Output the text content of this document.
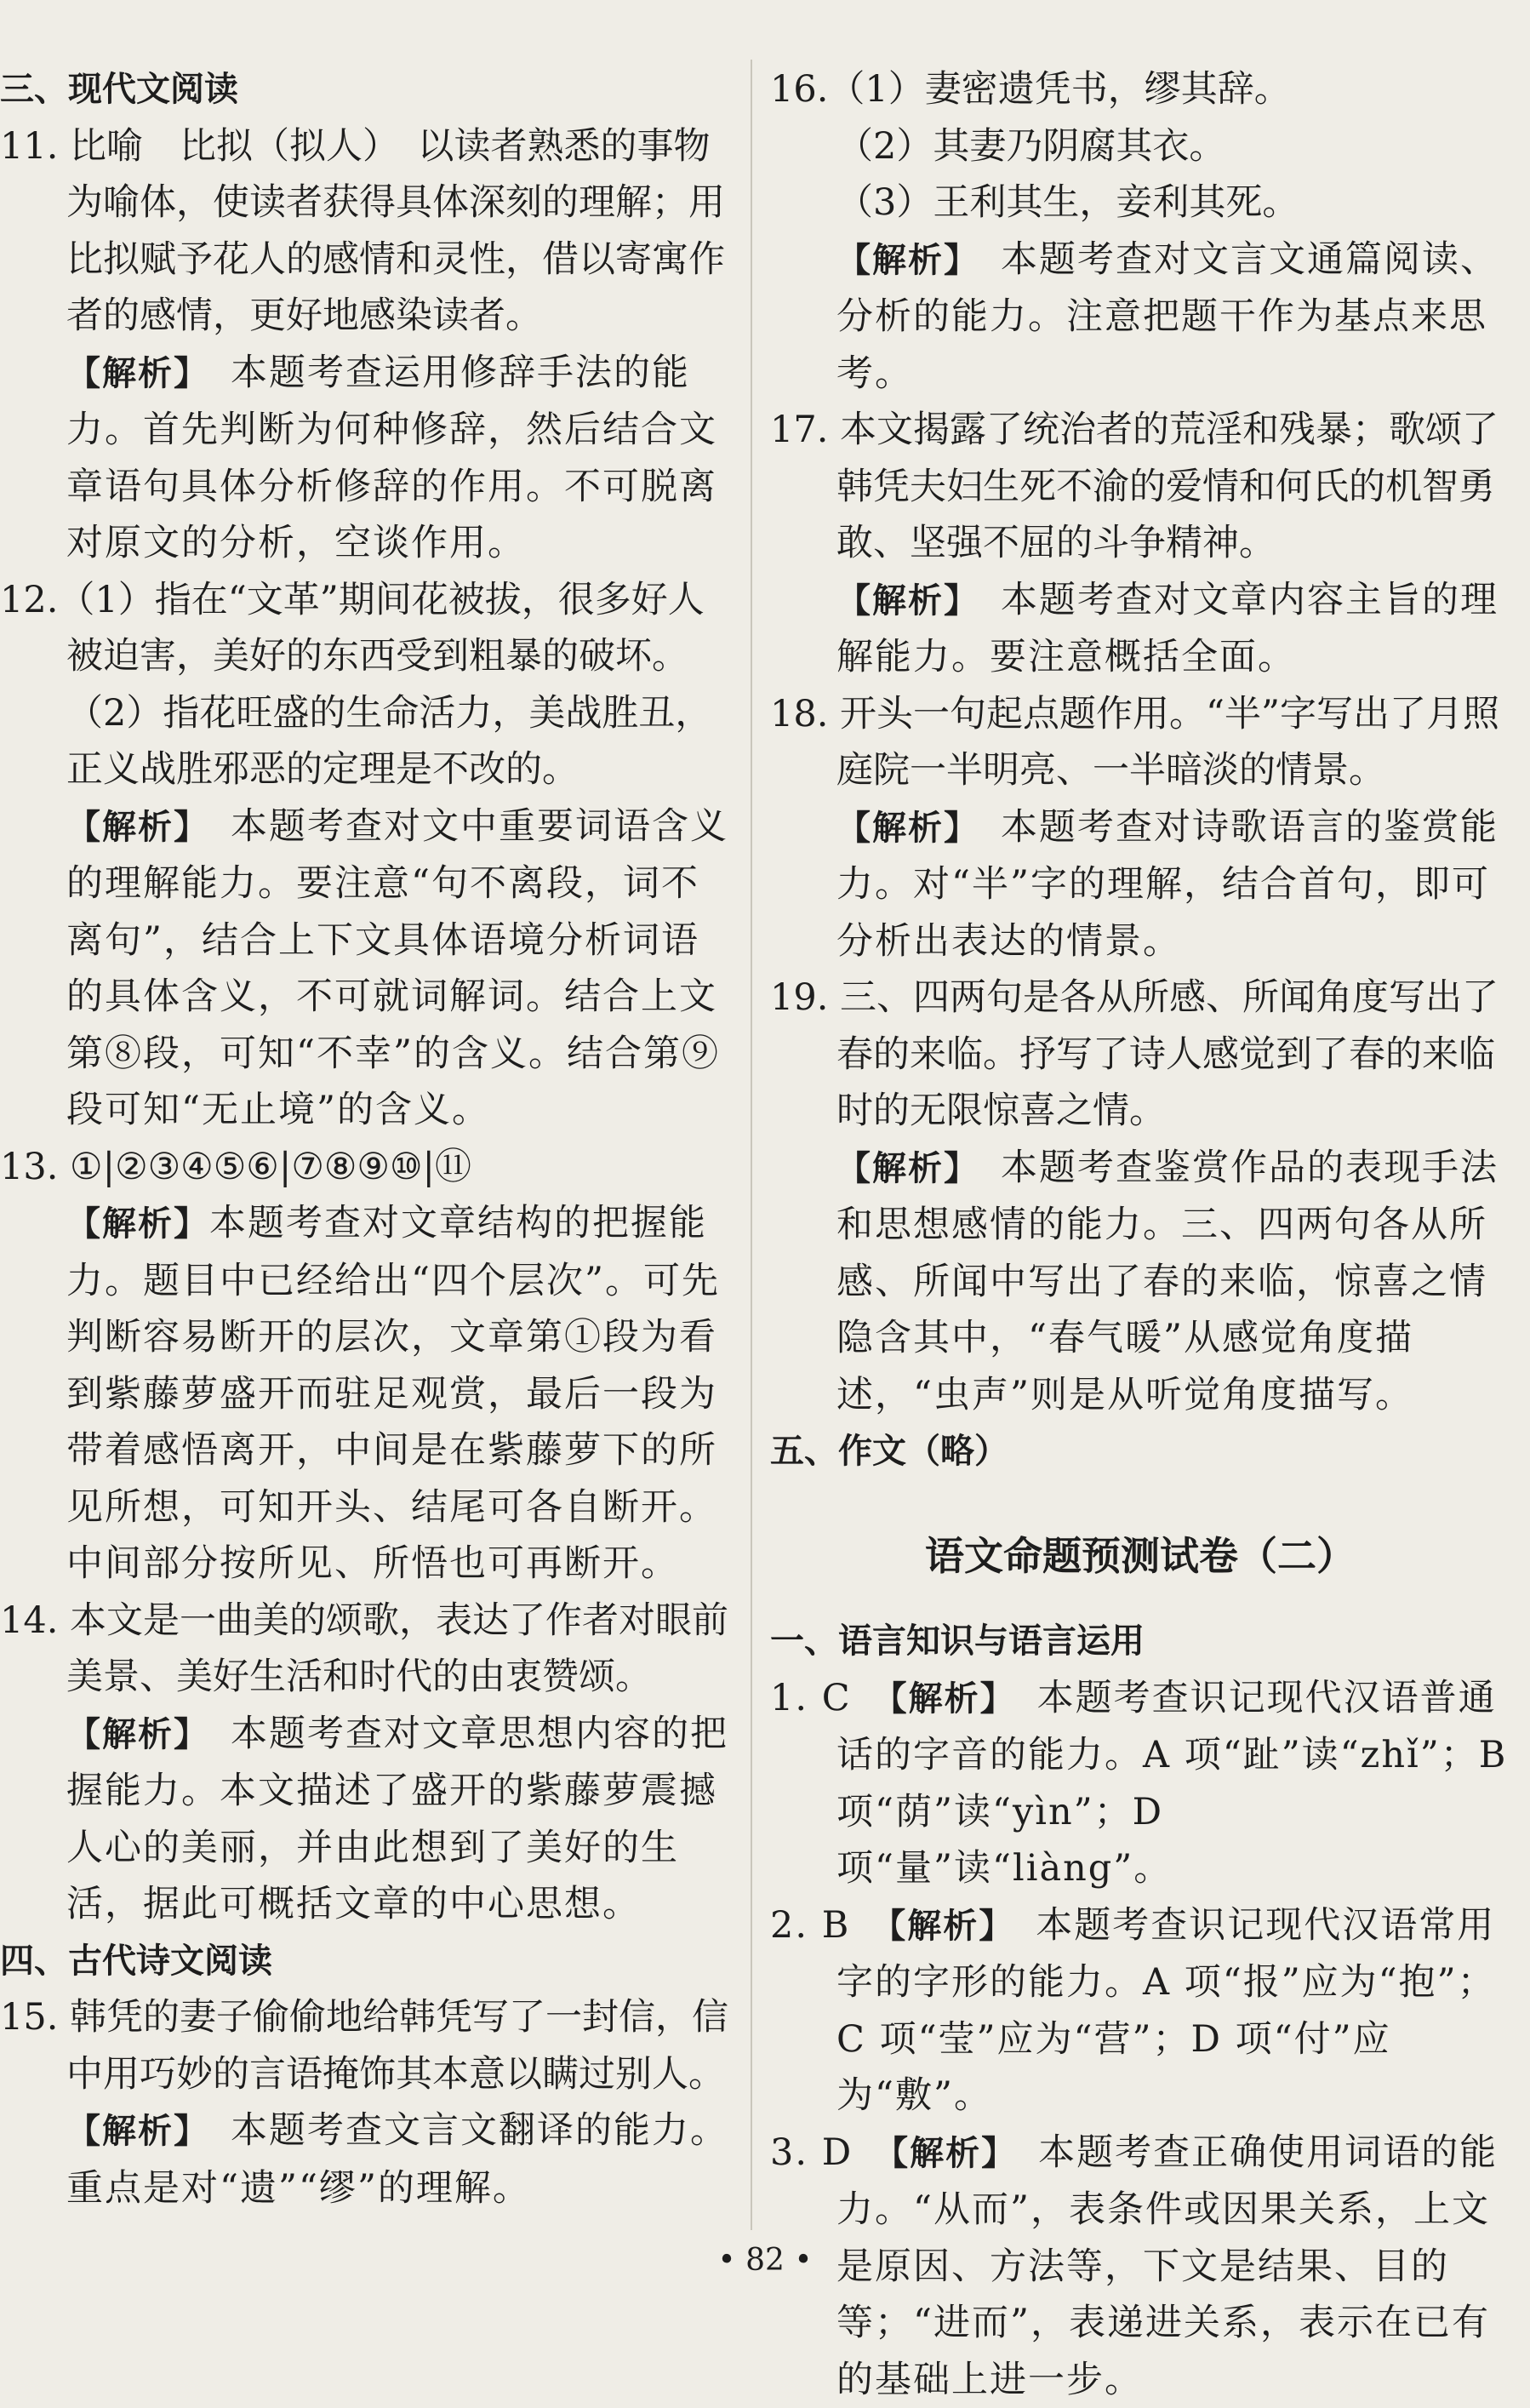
三、现代文阅读

11. 比喻　比拟（拟人）　以读者熟悉的事物为喻体，使读者获得具体深刻的理解；用比拟赋予花人的感情和灵性，借以寄寓作者的感情，更好地感染读者。

【解析】　本题考查运用修辞手法的能力。首先判断为何种修辞，然后结合文章语句具体分析修辞的作用。不可脱离对原文的分析，空谈作用。

12.（1）指在“文革”期间花被拔，很多好人被迫害，美好的东西受到粗暴的破坏。

（2）指花旺盛的生命活力，美战胜丑，正义战胜邪恶的定理是不改的。

【解析】　本题考查对文中重要词语含义的理解能力。要注意“句不离段，词不离句”，结合上下文具体语境分析词语的具体含义，不可就词解词。结合上文第⑧段，可知“不幸”的含义。结合第⑨段可知“无止境”的含义。

13. ①|②③④⑤⑥|⑦⑧⑨⑩|⑪

【解析】本题考查对文章结构的把握能力。题目中已经给出“四个层次”。可先判断容易断开的层次，文章第①段为看到紫藤萝盛开而驻足观赏，最后一段为带着感悟离开，中间是在紫藤萝下的所见所想，可知开头、结尾可各自断开。中间部分按所见、所悟也可再断开。

14. 本文是一曲美的颂歌，表达了作者对眼前美景、美好生活和时代的由衷赞颂。

【解析】　本题考查对文章思想内容的把握能力。本文描述了盛开的紫藤萝震撼人心的美丽，并由此想到了美好的生活，据此可概括文章的中心思想。

四、古代诗文阅读

15. 韩凭的妻子偷偷地给韩凭写了一封信，信中用巧妙的言语掩饰其本意以瞒过别人。

【解析】　本题考查文言文翻译的能力。重点是对“遗”“缪”的理解。

16.（1）妻密遗凭书，缪其辞。

（2）其妻乃阴腐其衣。

（3）王利其生，妾利其死。

【解析】　本题考查对文言文通篇阅读、分析的能力。注意把题干作为基点来思考。

17. 本文揭露了统治者的荒淫和残暴；歌颂了韩凭夫妇生死不渝的爱情和何氏的机智勇敢、坚强不屈的斗争精神。

【解析】　本题考查对文章内容主旨的理解能力。要注意概括全面。

18. 开头一句起点题作用。“半”字写出了月照庭院一半明亮、一半暗淡的情景。

【解析】　本题考查对诗歌语言的鉴赏能力。对“半”字的理解，结合首句，即可分析出表达的情景。

19. 三、四两句是各从所感、所闻角度写出了春的来临。抒写了诗人感觉到了春的来临时的无限惊喜之情。

【解析】　本题考查鉴赏作品的表现手法和思想感情的能力。三、四两句各从所感、所闻中写出了春的来临，惊喜之情隐含其中，“春气暖”从感觉角度描述，“虫声”则是从听觉角度描写。

五、作文（略）

语文命题预测试卷（二）

一、语言知识与语言运用

1. C　 【解析】　本题考查识记现代汉语普通话的字音的能力。A 项“趾”读“zhǐ”；B 项“荫”读“yìn”；D 项“量”读“liàng”。

2. B　 【解析】　本题考查识记现代汉语常用字的字形的能力。A 项“报”应为“抱”；C 项“莹”应为“营”；D 项“付”应为“敷”。

3. D　 【解析】　本题考查正确使用词语的能力。“从而”，表条件或因果关系，上文是原因、方法等，下文是结果、目的等；“进而”，表递进关系，表示在已有的基础上进一步。

• 82 •
